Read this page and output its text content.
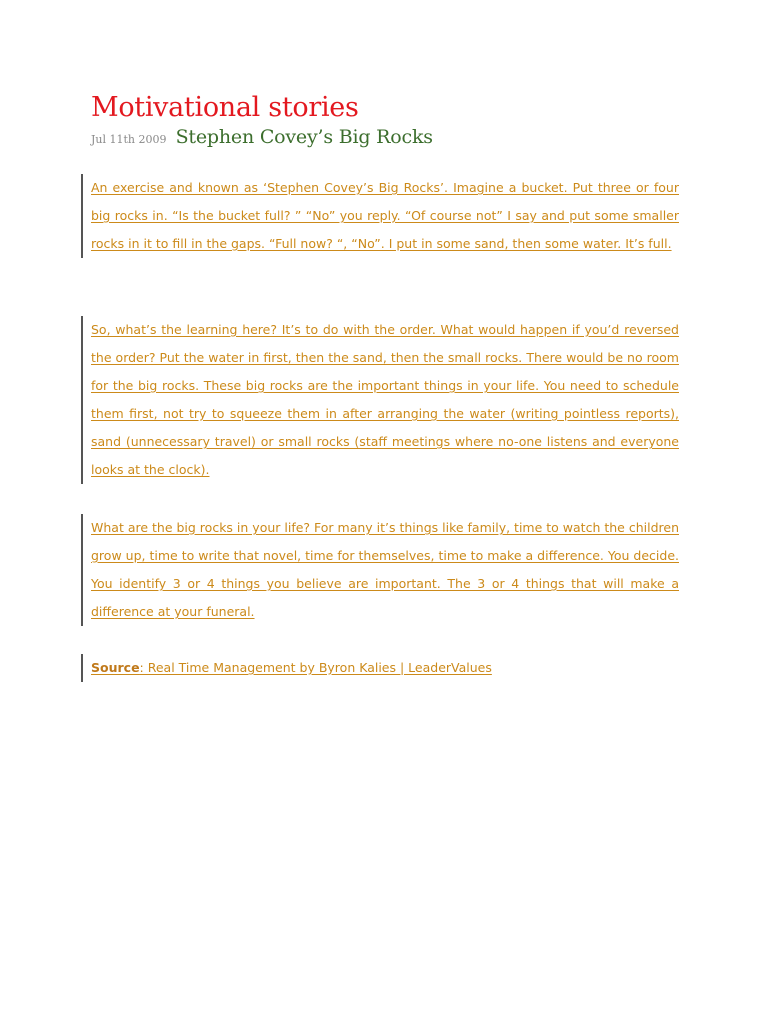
Motivational stories
Jul 11th 2009 Stephen Covey’s Big Rocks

An exercise and known as ‘Stephen Covey’s Big Rocks’. Imagine a bucket. Put three or four big rocks in. “Is the bucket full? ” “No” you reply. “Of course not” I say and put some smaller rocks in it to fill in the gaps. “Full now? “, “No”. I put in some sand, then some water. It’s full.

So, what’s the learning here? It’s to do with the order. What would happen if you’d reversed the order? Put the water in first, then the sand, then the small rocks. There would be no room for the big rocks. These big rocks are the important things in your life. You need to schedule them first, not try to squeeze them in after arranging the water (writing pointless reports), sand (unnecessary travel) or small rocks (staff meetings where no-one listens and everyone looks at the clock).

What are the big rocks in your life? For many it’s things like family, time to watch the children grow up, time to write that novel, time for themselves, time to make a difference. You decide. You identify 3 or 4 things you believe are important. The 3 or 4 things that will make a difference at your funeral.

Source: Real Time Management by Byron Kalies | LeaderValues
